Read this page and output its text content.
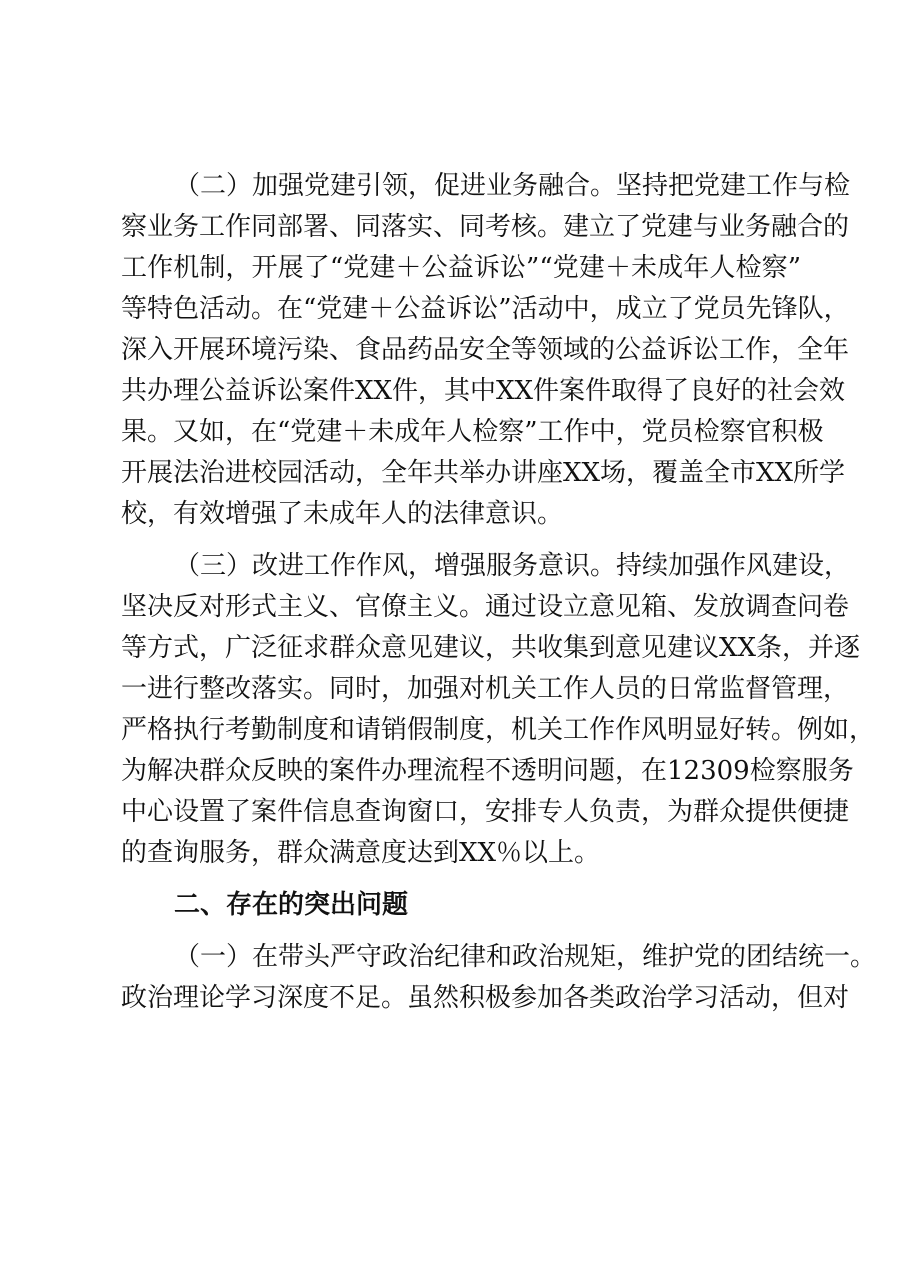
（二）加强党建引领，促进业务融合。坚持把党建工作与检
察业务工作同部署、同落实、同考核。建立了党建与业务融合的
工作机制，开展了“党建＋公益诉讼”“党建＋未成年人检察”
等特色活动。在“党建＋公益诉讼”活动中，成立了党员先锋队，
深入开展环境污染、食品药品安全等领域的公益诉讼工作，全年
共办理公益诉讼案件XX件，其中XX件案件取得了良好的社会效
果。又如，在“党建＋未成年人检察”工作中，党员检察官积极
开展法治进校园活动，全年共举办讲座XX场，覆盖全市XX所学
校，有效增强了未成年人的法律意识。
（三）改进工作作风，增强服务意识。持续加强作风建设，
坚决反对形式主义、官僚主义。通过设立意见箱、发放调查问卷
等方式，广泛征求群众意见建议，共收集到意见建议XX条，并逐
一进行整改落实。同时，加强对机关工作人员的日常监督管理，
严格执行考勤制度和请销假制度，机关工作作风明显好转。例如，
为解决群众反映的案件办理流程不透明问题，在12309检察服务
中心设置了案件信息查询窗口，安排专人负责，为群众提供便捷
的查询服务，群众满意度达到XX％以上。
二、存在的突出问题
（一）在带头严守政治纪律和政治规矩，维护党的团结统一。
政治理论学习深度不足。虽然积极参加各类政治学习活动，但对
